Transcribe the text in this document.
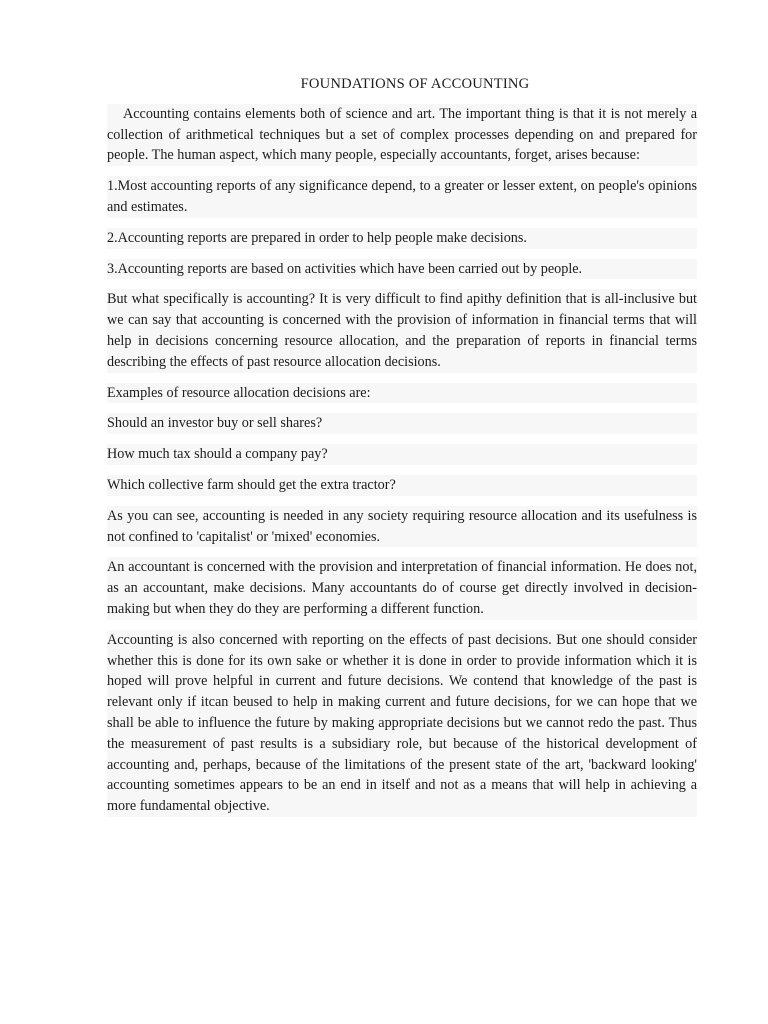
FOUNDATIONS OF ACCOUNTING

Accounting contains elements both of science and art. The important thing is that it is not merely a collection of arithmetical techniques but a set of complex processes depending on and prepared for people. The human aspect, which many people, especially accountants, forget, arises because:

1.Most accounting reports of any significance depend, to a greater or lesser extent, on people's opinions and estimates.

2.Accounting reports are prepared in order to help people make decisions.

3.Accounting reports are based on activities which have been carried out by people.

But what specifically is accounting? It is very difficult to find apithy definition that is all-inclusive but we can say that accounting is concerned with the provision of information in financial terms that will help in decisions concerning resource allocation, and the preparation of reports in financial terms describing the effects of past resource allocation decisions.

Examples of resource allocation decisions are:

Should an investor buy or sell shares?

How much tax should a company pay?

Which collective farm should get the extra tractor?

As you can see, accounting is needed in any society requiring resource allocation and its usefulness is not confined to 'capitalist' or 'mixed' economies.

An accountant is concerned with the provision and interpretation of financial information. He does not, as an accountant, make decisions. Many accountants do of course get directly involved in decision-making but when they do they are performing a different function.

Accounting is also concerned with reporting on the effects of past decisions. But one should consider whether this is done for its own sake or whether it is done in order to provide information which it is hoped will prove helpful in current and future decisions. We contend that knowledge of the past is relevant only if itcan beused to help in making current and future decisions, for we can hope that we shall be able to influence the future by making appropriate decisions but we cannot redo the past. Thus the measurement of past results is a subsidiary role, but because of the historical development of accounting and, perhaps, because of the limitations of the present state of the art, 'backward looking' accounting sometimes appears to be an end in itself and not as a means that will help in achieving a more fundamental objective.
